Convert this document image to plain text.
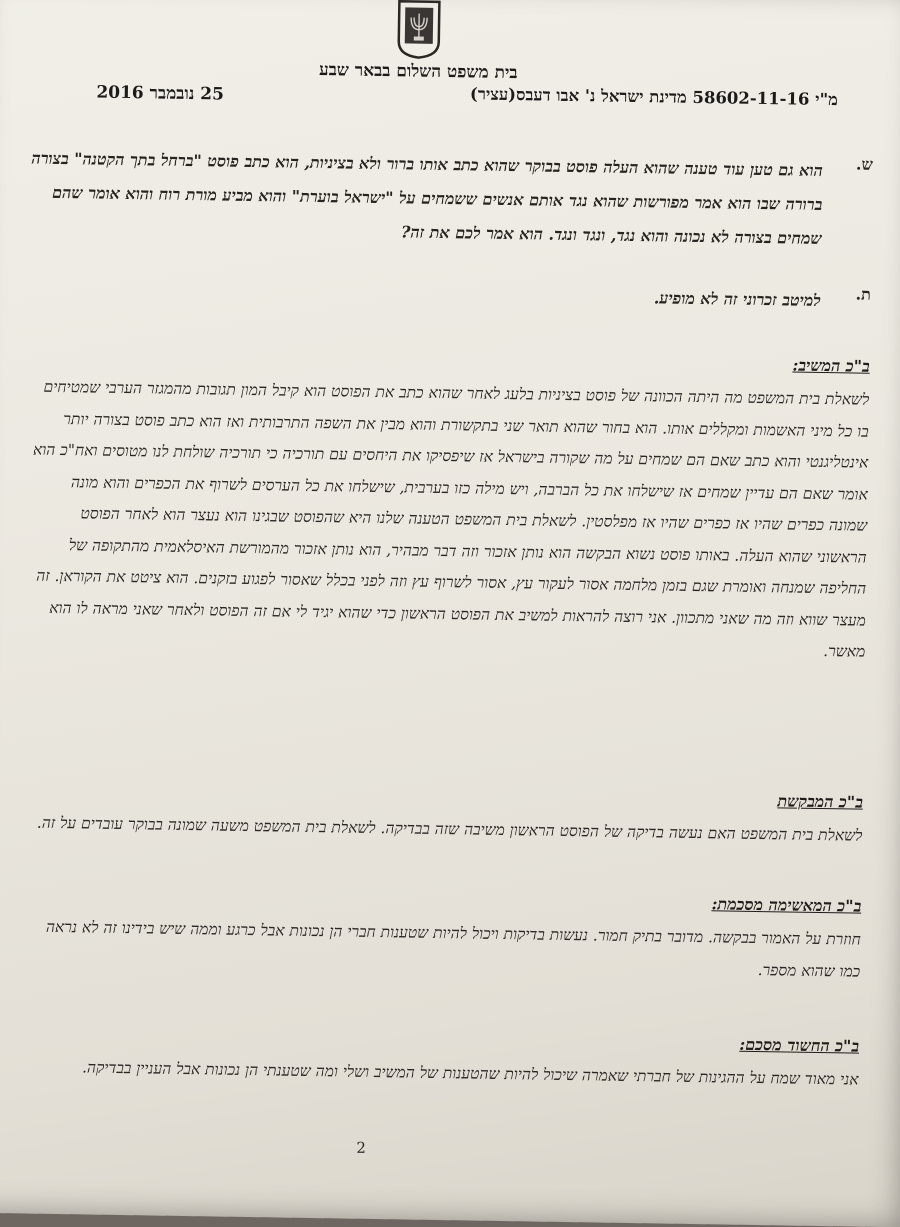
בית משפט השלום בבאר שבע
מ"י 58602-11-16 מדינת ישראל נ' אבו דעבס(עציר)
25 נובמבר 2016
ש.
הוא גם טען עוד טענה שהוא העלה פוסט בבוקר שהוא כתב אותו ברור ולא בציניות, הוא כתב פוסט "ברחל בתך הקטנה" בצורה ברורה שבו הוא אמר מפורשות שהוא נגד אותם אנשים ששמחים על "ישראל בוערת" והוא מביע מורת רוח והוא אומר שהם שמחים בצורה לא נכונה והוא נגד, ונגד ונגד. הוא אמר לכם את זה?
ת.
למיטב זכרוני זה לא מופיע.

ב"כ המשיב:

לשאלת בית המשפט מה היתה הכוונה של פוסט בציניות בלעג לאחר שהוא כתב את הפוסט הוא קיבל המון תגובות מהמגזר הערבי שמטיחים בו כל מיני האשמות ומקללים אותו. הוא בחור שהוא תואר שני בתקשורת והוא מבין את השפה התרבותית ואז הוא כתב פוסט בצורה יותר אינטליגנטי והוא כתב שאם הם שמחים על מה שקורה בישראל אז שיפסיקו את היחסים עם תורכיה כי תורכיה שולחת לנו מטוסים ואח"כ הוא אומר שאם הם עדיין שמחים אז שישלחו את כל הברבה, ויש מילה כזו בערבית, שישלחו את כל הערסים לשרוף את הכפרים והוא מונה שמונה כפרים שהיו אז כפרים שהיו אז מפלסטין. לשאלת בית המשפט הטענה שלנו היא שהפוסט שבגינו הוא נעצר הוא לאחר הפוסט הראשוני שהוא העלה. באותו פוסט נשוא הבקשה הוא נותן אזכור וזה דבר מבהיר, הוא נותן אזכור מהמורשת האיסלאמית מהתקופה של החליפה שמנחה ואומרת שגם בזמן מלחמה אסור לעקור עץ, אסור לשרוף עץ וזה לפני בכלל שאסור לפגוע בזקנים. הוא ציטט את הקוראן. זה מעצר שווא וזה מה שאני מתכוון. אני רוצה להראות למשיב את הפוסט הראשון כדי שהוא יגיד לי אם זה הפוסט ולאחר שאני מראה לו הוא מאשר.

ב"כ המבקשת

לשאלת בית המשפט האם נעשה בדיקה של הפוסט הראשון משיבה שזה בבדיקה. לשאלת בית המשפט משעה שמונה בבוקר עובדים על זה.

ב"כ המאשימה מסכמת:

חוזרת על האמור בבקשה. מדובר בתיק חמור. נעשות בדיקות ויכול להיות שטענות חברי הן נכונות אבל כרגע וממה שיש בידינו זה לא נראה כמו שהוא מספר.

ב"כ החשוד מסכם:

אני מאוד שמח על ההגינות של חברתי שאמרה שיכול להיות שהטענות של המשיב ושלי ומה שטענתי הן נכונות אבל העניין בבדיקה.

2
